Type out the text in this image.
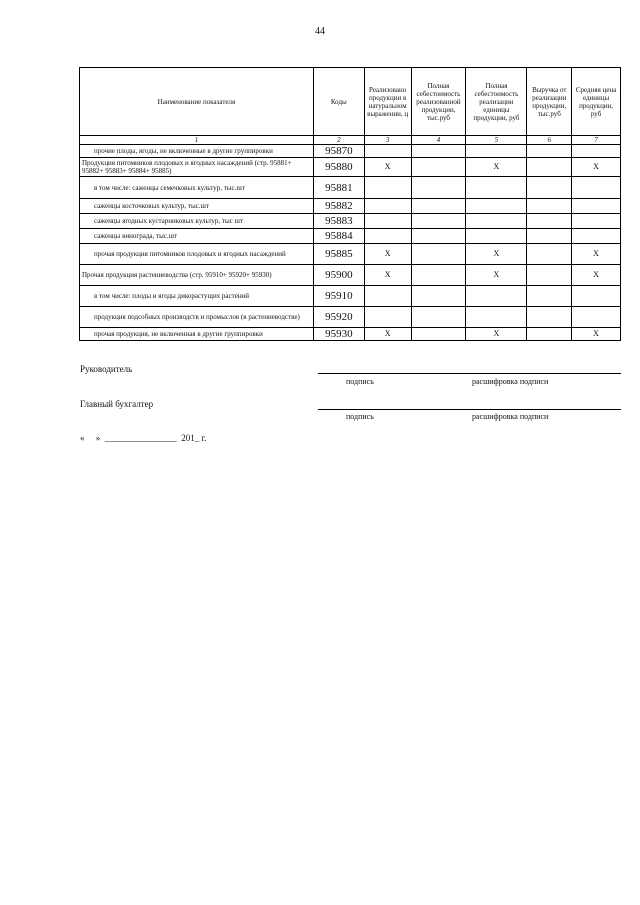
44
Наименование показателя	Коды	Реализовано продукции в натуральном выражении, ц	Полная себестоимость реализованной продукции, тыс.руб	Полная себестоимость реализации единицы продукции, руб	Выручка от реализации продукции, тыс.руб	Средняя цена единицы продукции, руб
1	2	3	4	5	6	7
прочие плоды, ягоды, не включенные в другие группировки	95870					
Продукция питомников плодовых и ягодных насаждений (стр. 95881+ 95882+ 95883+ 95884+ 95885)	95880	X		X		X
в том числе: саженцы семечковых культур, тыс.шт	95881					
саженцы косточковых культур, тыс.шт	95882					
саженцы ягодных кустарниковых культур, тыс шт	95883					
саженцы винограда, тыс.шт	95884					
прочая продукция питомников плодовых и ягодных насаждений	95885	X		X		X
Прочая продукция растениеводства (стр. 95910+ 95920+ 95930)	95900	X		X		X
в том числе: плоды и ягоды дикорастущих растений	95910					
продукция подсобных производств и промыслов (в растениеводстве)	95920					
прочая продукция, не включенная в другие группировки	95930	X		X		X
Руководитель
подпись	расшифровка подписи
Главный бухгалтер
подпись	расшифровка подписи
«     »  ________________  201_ г.
